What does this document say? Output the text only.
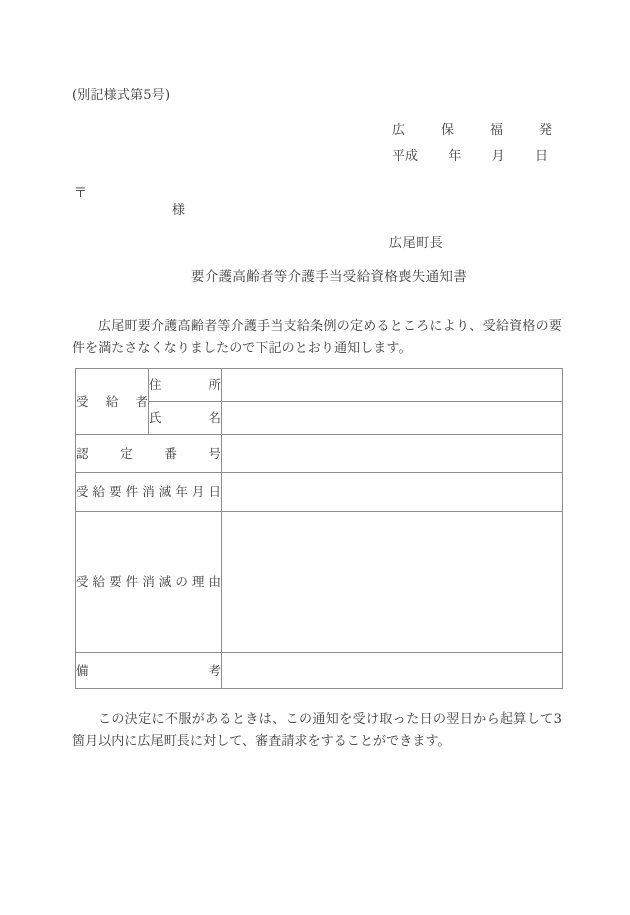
(別記様式第5号)
広	保	福	発
平成 年 月 日
〒
様
広尾町長
要介護高齢者等介護手当受給資格喪失通知書
広尾町要介護高齢者等介護手当支給条例の定めるところにより、受給資格の要件を満たさなくなりましたので下記のとおり通知します。
受給者	住所	
	氏名	
認定番号		
受給要件消滅年月日		
受給要件消滅の理由		
備考		
この決定に不服があるときは、この通知を受け取った日の翌日から起算して3箇月以内に広尾町長に対して、審査請求をすることができます。
